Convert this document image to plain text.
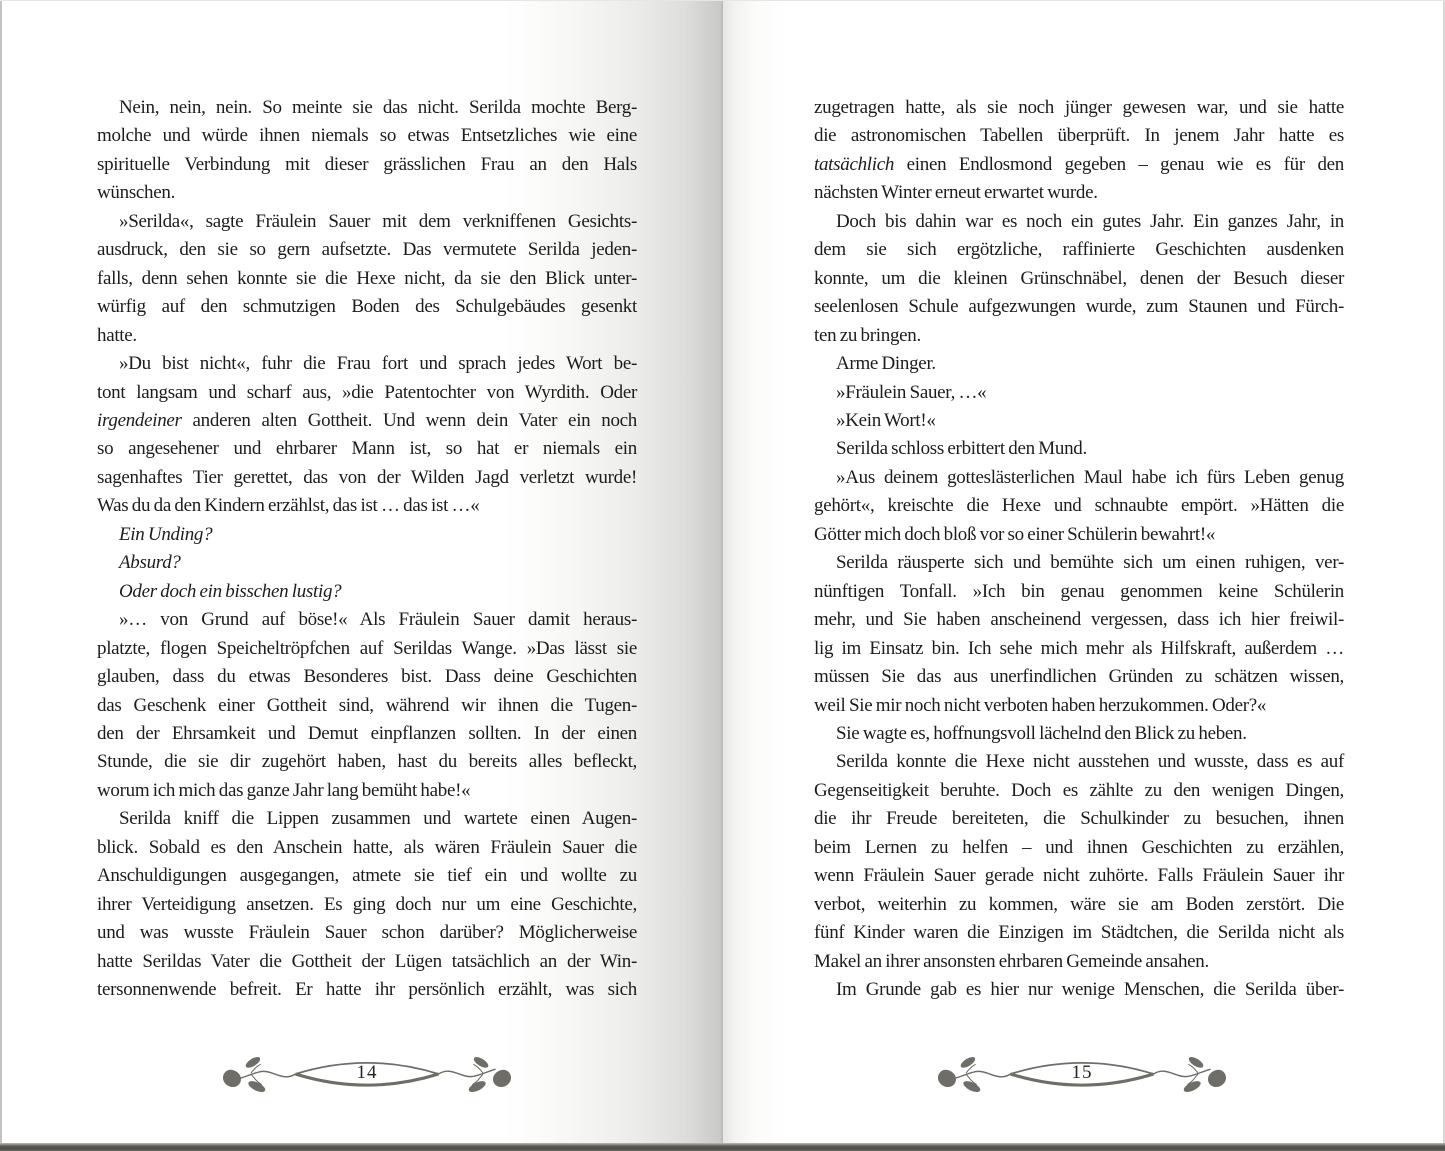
Nein, nein, nein. So meinte sie das nicht. Serilda mochte Berg-
molche und würde ihnen niemals so etwas Entsetzliches wie eine
spirituelle Verbindung mit dieser grässlichen Frau an den Hals
wünschen.
»Serilda«, sagte Fräulein Sauer mit dem verkniffenen Gesichts-
ausdruck, den sie so gern aufsetzte. Das vermutete Serilda jeden-
falls, denn sehen konnte sie die Hexe nicht, da sie den Blick unter-
würfig auf den schmutzigen Boden des Schulgebäudes gesenkt
hatte.
»Du bist nicht«, fuhr die Frau fort und sprach jedes Wort be-
tont langsam und scharf aus, »die Patentochter von Wyrdith. Oder
irgendeiner anderen alten Gottheit. Und wenn dein Vater ein noch
so angesehener und ehrbarer Mann ist, so hat er niemals ein
sagenhaftes Tier gerettet, das von der Wilden Jagd verletzt wurde!
Was du da den Kindern erzählst, das ist … das ist …«
Ein Unding?
Absurd?
Oder doch ein bisschen lustig?
»… von Grund auf böse!« Als Fräulein Sauer damit heraus-
platzte, flogen Speicheltröpfchen auf Serildas Wange. »Das lässt sie
glauben, dass du etwas Besonderes bist. Dass deine Geschichten
das Geschenk einer Gottheit sind, während wir ihnen die Tugen-
den der Ehrsamkeit und Demut einpflanzen sollten. In der einen
Stunde, die sie dir zugehört haben, hast du bereits alles befleckt,
worum ich mich das ganze Jahr lang bemüht habe!«
Serilda kniff die Lippen zusammen und wartete einen Augen-
blick. Sobald es den Anschein hatte, als wären Fräulein Sauer die
Anschuldigungen ausgegangen, atmete sie tief ein und wollte zu
ihrer Verteidigung ansetzen. Es ging doch nur um eine Geschichte,
und was wusste Fräulein Sauer schon darüber? Möglicherweise
hatte Serildas Vater die Gottheit der Lügen tatsächlich an der Win-
tersonnenwende befreit. Er hatte ihr persönlich erzählt, was sich
zugetragen hatte, als sie noch jünger gewesen war, und sie hatte
die astronomischen Tabellen überprüft. In jenem Jahr hatte es
tatsächlich einen Endlosmond gegeben – genau wie es für den
nächsten Winter erneut erwartet wurde.
Doch bis dahin war es noch ein gutes Jahr. Ein ganzes Jahr, in
dem sie sich ergötzliche, raffinierte Geschichten ausdenken
konnte, um die kleinen Grünschnäbel, denen der Besuch dieser
seelenlosen Schule aufgezwungen wurde, zum Staunen und Fürch-
ten zu bringen.
Arme Dinger.
»Fräulein Sauer, …«
»Kein Wort!«
Serilda schloss erbittert den Mund.
»Aus deinem gotteslästerlichen Maul habe ich fürs Leben genug
gehört«, kreischte die Hexe und schnaubte empört. »Hätten die
Götter mich doch bloß vor so einer Schülerin bewahrt!«
Serilda räusperte sich und bemühte sich um einen ruhigen, ver-
nünftigen Tonfall. »Ich bin genau genommen keine Schülerin
mehr, und Sie haben anscheinend vergessen, dass ich hier freiwil-
lig im Einsatz bin. Ich sehe mich mehr als Hilfskraft, außerdem …
müssen Sie das aus unerfindlichen Gründen zu schätzen wissen,
weil Sie mir noch nicht verboten haben herzukommen. Oder?«
Sie wagte es, hoffnungsvoll lächelnd den Blick zu heben.
Serilda konnte die Hexe nicht ausstehen und wusste, dass es auf
Gegenseitigkeit beruhte. Doch es zählte zu den wenigen Dingen,
die ihr Freude bereiteten, die Schulkinder zu besuchen, ihnen
beim Lernen zu helfen – und ihnen Geschichten zu erzählen,
wenn Fräulein Sauer gerade nicht zuhörte. Falls Fräulein Sauer ihr
verbot, weiterhin zu kommen, wäre sie am Boden zerstört. Die
fünf Kinder waren die Einzigen im Städtchen, die Serilda nicht als
Makel an ihrer ansonsten ehrbaren Gemeinde ansahen.
Im Grunde gab es hier nur wenige Menschen, die Serilda über-
14	15
